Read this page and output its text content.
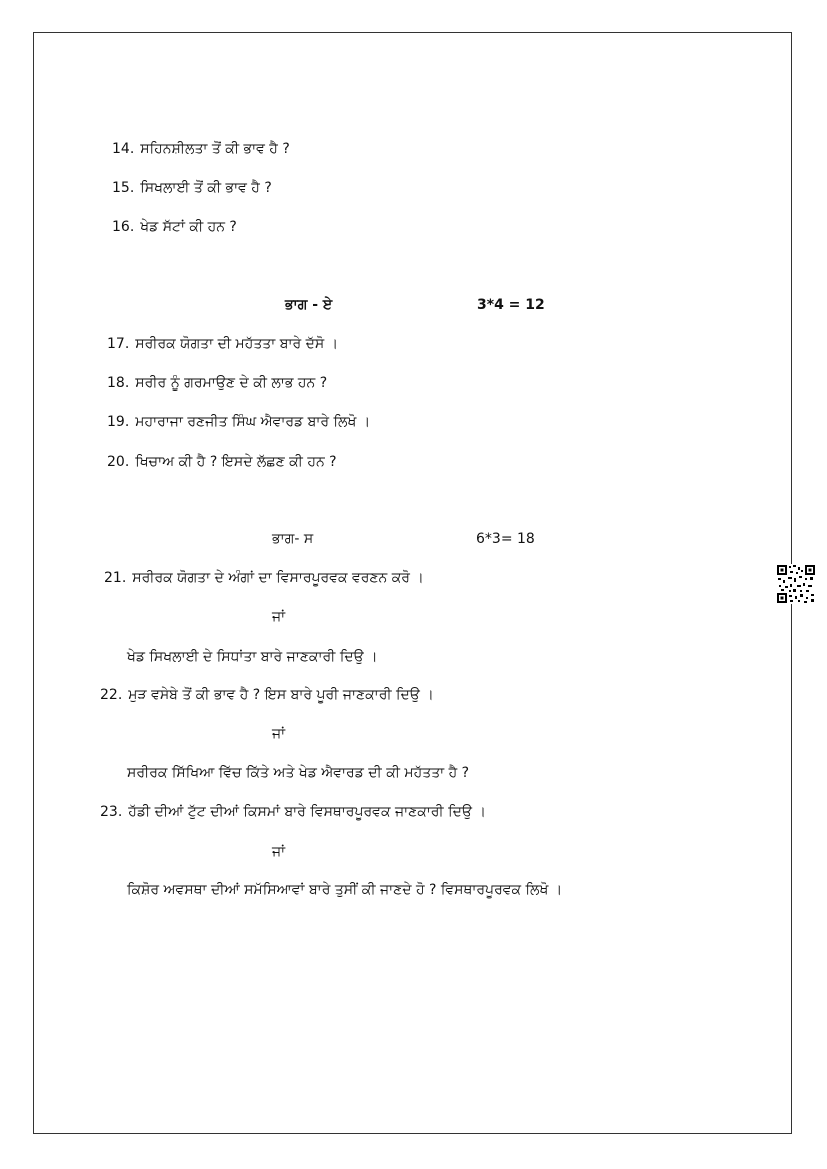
14. ਸਹਿਨਸ਼ੀਲਤਾ ਤੋਂ ਕੀ ਭਾਵ ਹੈ ?
15. ਸਿਖਲਾਈ ਤੋਂ ਕੀ ਭਾਵ ਹੈ ?
16. ਖੇਡ ਸੱਟਾਂ ਕੀ ਹਨ ?
ਭਾਗ - ਏ	3*4 = 12
17. ਸਰੀਰਕ ਯੋਗਤਾ ਦੀ ਮਹੱਤਤਾ ਬਾਰੇ ਦੱਸੋ ।
18. ਸਰੀਰ ਨੂੰ ਗਰਮਾਉਣ ਦੇ ਕੀ ਲਾਭ ਹਨ ?
19. ਮਹਾਰਾਜਾ ਰਣਜੀਤ ਸਿੰਘ ਐਵਾਰਡ ਬਾਰੇ ਲਿਖੋ ।
20. ਖਿਚਾਅ ਕੀ ਹੈ ? ਇਸਦੇ ਲੱਛਣ ਕੀ ਹਨ ?
ਭਾਗ- ਸ	6*3= 18
21. ਸਰੀਰਕ ਯੋਗਤਾ ਦੇ ਅੰਗਾਂ ਦਾ ਵਿਸਾਰਪੂਰਵਕ ਵਰਣਨ ਕਰੋ ।
ਜਾਂ
ਖੇਡ ਸਿਖਲਾਈ ਦੇ ਸਿਧਾਂਤਾ ਬਾਰੇ ਜਾਣਕਾਰੀ ਦਿਉ ।
22. ਮੁੜ ਵਸੇਬੇ ਤੋਂ ਕੀ ਭਾਵ ਹੈ ? ਇਸ ਬਾਰੇ ਪੂਰੀ ਜਾਣਕਾਰੀ ਦਿਉ ।
ਜਾਂ
ਸਰੀਰਕ ਸਿੱਖਿਆ ਵਿੱਚ ਕਿੱਤੇ ਅਤੇ ਖੇਡ ਐਵਾਰਡ ਦੀ ਕੀ ਮਹੱਤਤਾ ਹੈ ?
23. ਹੱਡੀ ਦੀਆਂ ਟੁੱਟ ਦੀਆਂ ਕਿਸਮਾਂ ਬਾਰੇ ਵਿਸਥਾਰਪੂਰਵਕ ਜਾਣਕਾਰੀ ਦਿਉ ।
ਜਾਂ
ਕਿਸ਼ੋਰ ਅਵਸਥਾ ਦੀਆਂ ਸਮੱਸਿਆਵਾਂ ਬਾਰੇ ਤੁਸੀਂ ਕੀ ਜਾਣਦੇ ਹੋ ? ਵਿਸਥਾਰਪੂਰਵਕ ਲਿਖੋ ।
